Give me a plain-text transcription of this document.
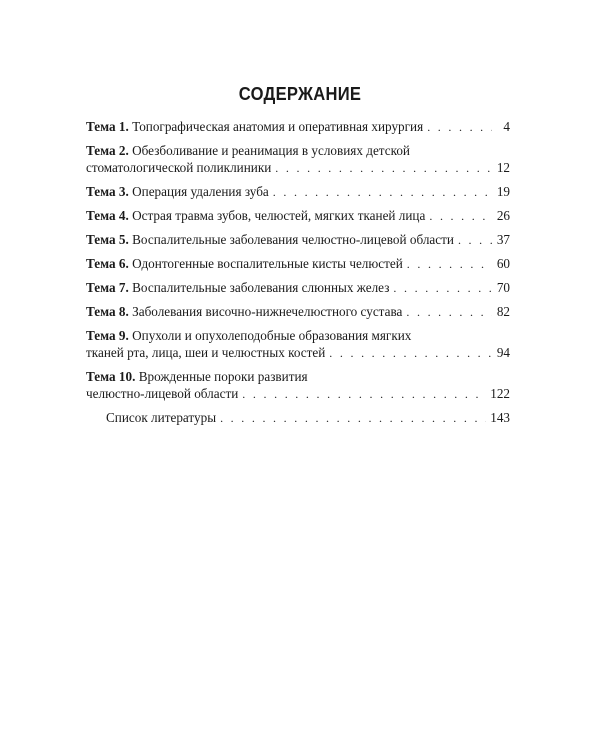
СОДЕРЖАНИЕ
Тема 1.
Топографическая анатомия и оперативная хирургия . . .	4
Тема 2.
Обезболивание и реанимация в условиях детской
стоматологической поликлиники . . .	12
Тема 3.
Операция удаления зуба . . .	19
Тема 4.
Острая травма зубов, челюстей, мягких тканей лица . . .	26
Тема 5.
Воспалительные заболевания челюстно-лицевой области . . .	37
Тема 6.
Одонтогенные воспалительные кисты челюстей . . .	60
Тема 7.
Воспалительные заболевания слюнных желез . . .	70
Тема 8.
Заболевания височно-нижнечелюстного сустава . . .	82
Тема 9.
Опухоли и опухолеподобные образования мягких
тканей рта, лица, шеи и челюстных костей . . .	94
Тема 10.
Врожденные пороки развития
челюстно-лицевой области . . .	122
Список литературы . . .	143
